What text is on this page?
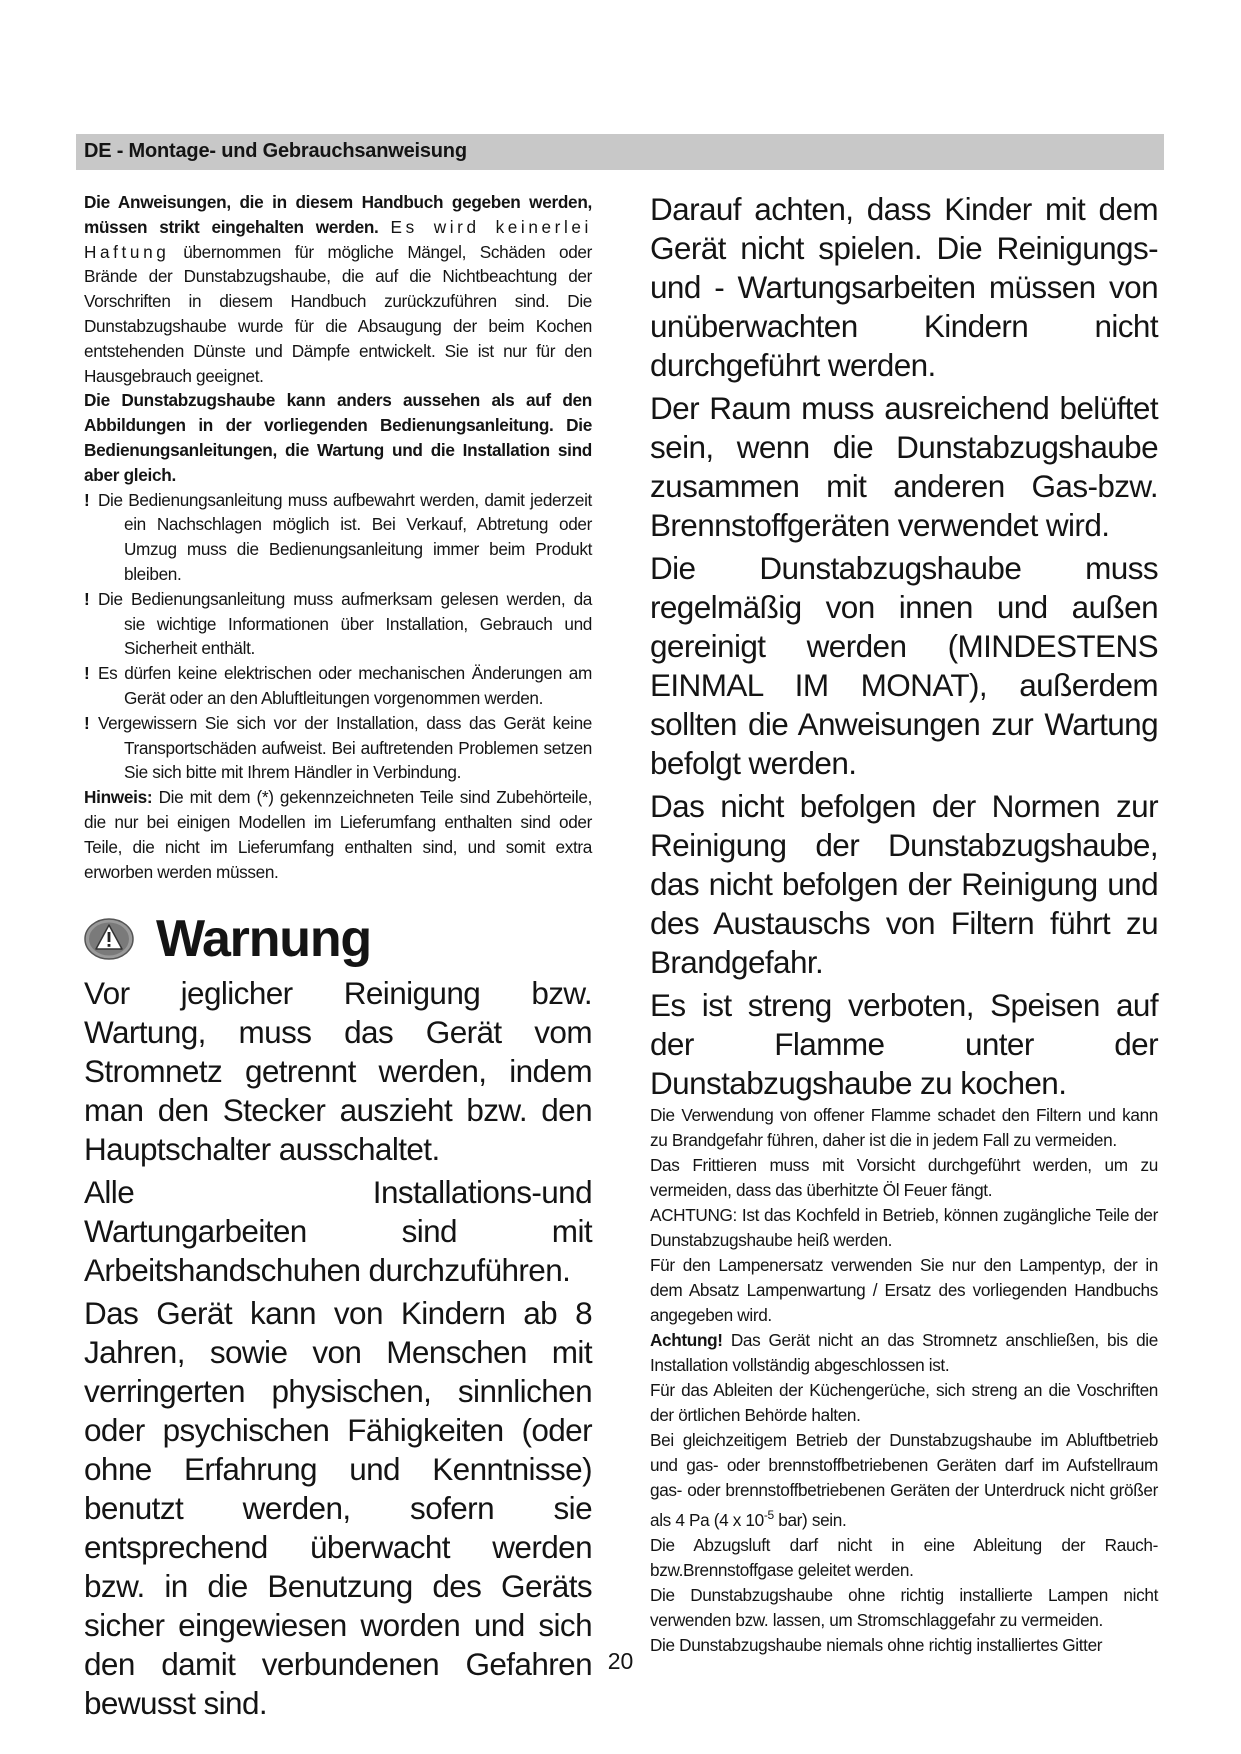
DE - Montage- und Gebrauchsanweisung

Die Anweisungen, die in diesem Handbuch gegeben werden, müssen strikt eingehalten werden. Es wird keinerlei Haftung übernommen für mögliche Mängel, Schäden oder Brände der Dunstabzugshaube, die auf die Nichtbeachtung der Vorschriften in diesem Handbuch zurückzuführen sind. Die Dunstabzugshaube wurde für die Absaugung der beim Kochen entstehenden Dünste und Dämpfe entwickelt. Sie ist nur für den Hausgebrauch geeignet.

Die Dunstabzugshaube kann anders aussehen als auf den Abbildungen in der vorliegenden Bedienungsanleitung. Die Bedienungsanleitungen, die Wartung und die Installation sind aber gleich.

! Die Bedienungsanleitung muss aufbewahrt werden, damit jederzeit ein Nachschlagen möglich ist. Bei Verkauf, Abtretung oder Umzug muss die Bedienungsanleitung immer beim Produkt bleiben.

! Die Bedienungsanleitung muss aufmerksam gelesen werden, da sie wichtige Informationen über Installation, Gebrauch und Sicherheit enthält.

! Es dürfen keine elektrischen oder mechanischen Änderungen am Gerät oder an den Abluftleitungen vorgenommen werden.

! Vergewissern Sie sich vor der Installation, dass das Gerät keine Transportschäden aufweist. Bei auftretenden Problemen setzen Sie sich bitte mit Ihrem Händler in Verbindung.

Hinweis: Die mit dem (*) gekennzeichneten Teile sind Zubehörteile, die nur bei einigen Modellen im Lieferumfang enthalten sind oder Teile, die nicht im Lieferumfang enthalten sind, und somit extra erworben werden müssen.

Warnung

Vor jeglicher Reinigung bzw. Wartung, muss das Gerät vom Stromnetz getrennt werden, indem man den Stecker auszieht bzw. den Hauptschalter ausschaltet.

Alle Installations-und Wartungarbeiten sind mit Arbeitshandschuhen durchzuführen.

Das Gerät kann von Kindern ab 8 Jahren, sowie von Menschen mit verringerten physischen, sinnlichen oder psychischen Fähigkeiten (oder ohne Erfahrung und Kenntnisse) benutzt werden, sofern sie entsprechend überwacht werden bzw. in die Benutzung des Geräts sicher eingewiesen worden und sich den damit verbundenen Gefahren bewusst sind.

Darauf achten, dass Kinder mit dem Gerät nicht spielen. Die Reinigungs- und - Wartungsarbeiten müssen von unüberwachten Kindern nicht durchgeführt werden.

Der Raum muss ausreichend belüftet sein, wenn die Dunstabzugshaube zusammen mit anderen Gas-bzw. Brennstoffgeräten verwendet wird.

Die Dunstabzugshaube muss regelmäßig von innen und außen gereinigt werden (MINDESTENS EINMAL IM MONAT), außerdem sollten die Anweisungen zur Wartung befolgt werden.

Das nicht befolgen der Normen zur Reinigung der Dunstabzugshaube, das nicht befolgen der Reinigung und des Austauschs von Filtern führt zu Brandgefahr.

Es ist streng verboten, Speisen auf der Flamme unter der Dunstabzugshaube zu kochen.

Die Verwendung von offener Flamme schadet den Filtern und kann zu Brandgefahr führen, daher ist die in jedem Fall zu vermeiden.

Das Frittieren muss mit Vorsicht durchgeführt werden, um zu vermeiden, dass das überhitzte Öl Feuer fängt.

ACHTUNG: Ist das Kochfeld in Betrieb, können zugängliche Teile der Dunstabzugshaube heiß werden.

Für den Lampenersatz verwenden Sie nur den Lampentyp, der in dem Absatz Lampenwartung / Ersatz des vorliegenden Handbuchs angegeben wird.

Achtung! Das Gerät nicht an das Stromnetz anschließen, bis die Installation vollständig abgeschlossen ist.

Für das Ableiten der Küchengerüche, sich streng an die Voschriften der örtlichen Behörde halten.

Bei gleichzeitigem Betrieb der Dunstabzugshaube im Abluftbetrieb und gas- oder brennstoffbetriebenen Geräten darf im Aufstellraum gas- oder brennstoffbetriebenen Geräten der Unterdruck nicht größer als 4 Pa (4 x $10^{-5}$ bar) sein.

Die Abzugsluft darf nicht in eine Ableitung der Rauch- bzw.Brennstoffgase geleitet werden.

Die Dunstabzugshaube ohne richtig installierte Lampen nicht verwenden bzw. lassen, um Stromschlaggefahr zu vermeiden.

Die Dunstabzugshaube niemals ohne richtig installiertes Gitter

20
